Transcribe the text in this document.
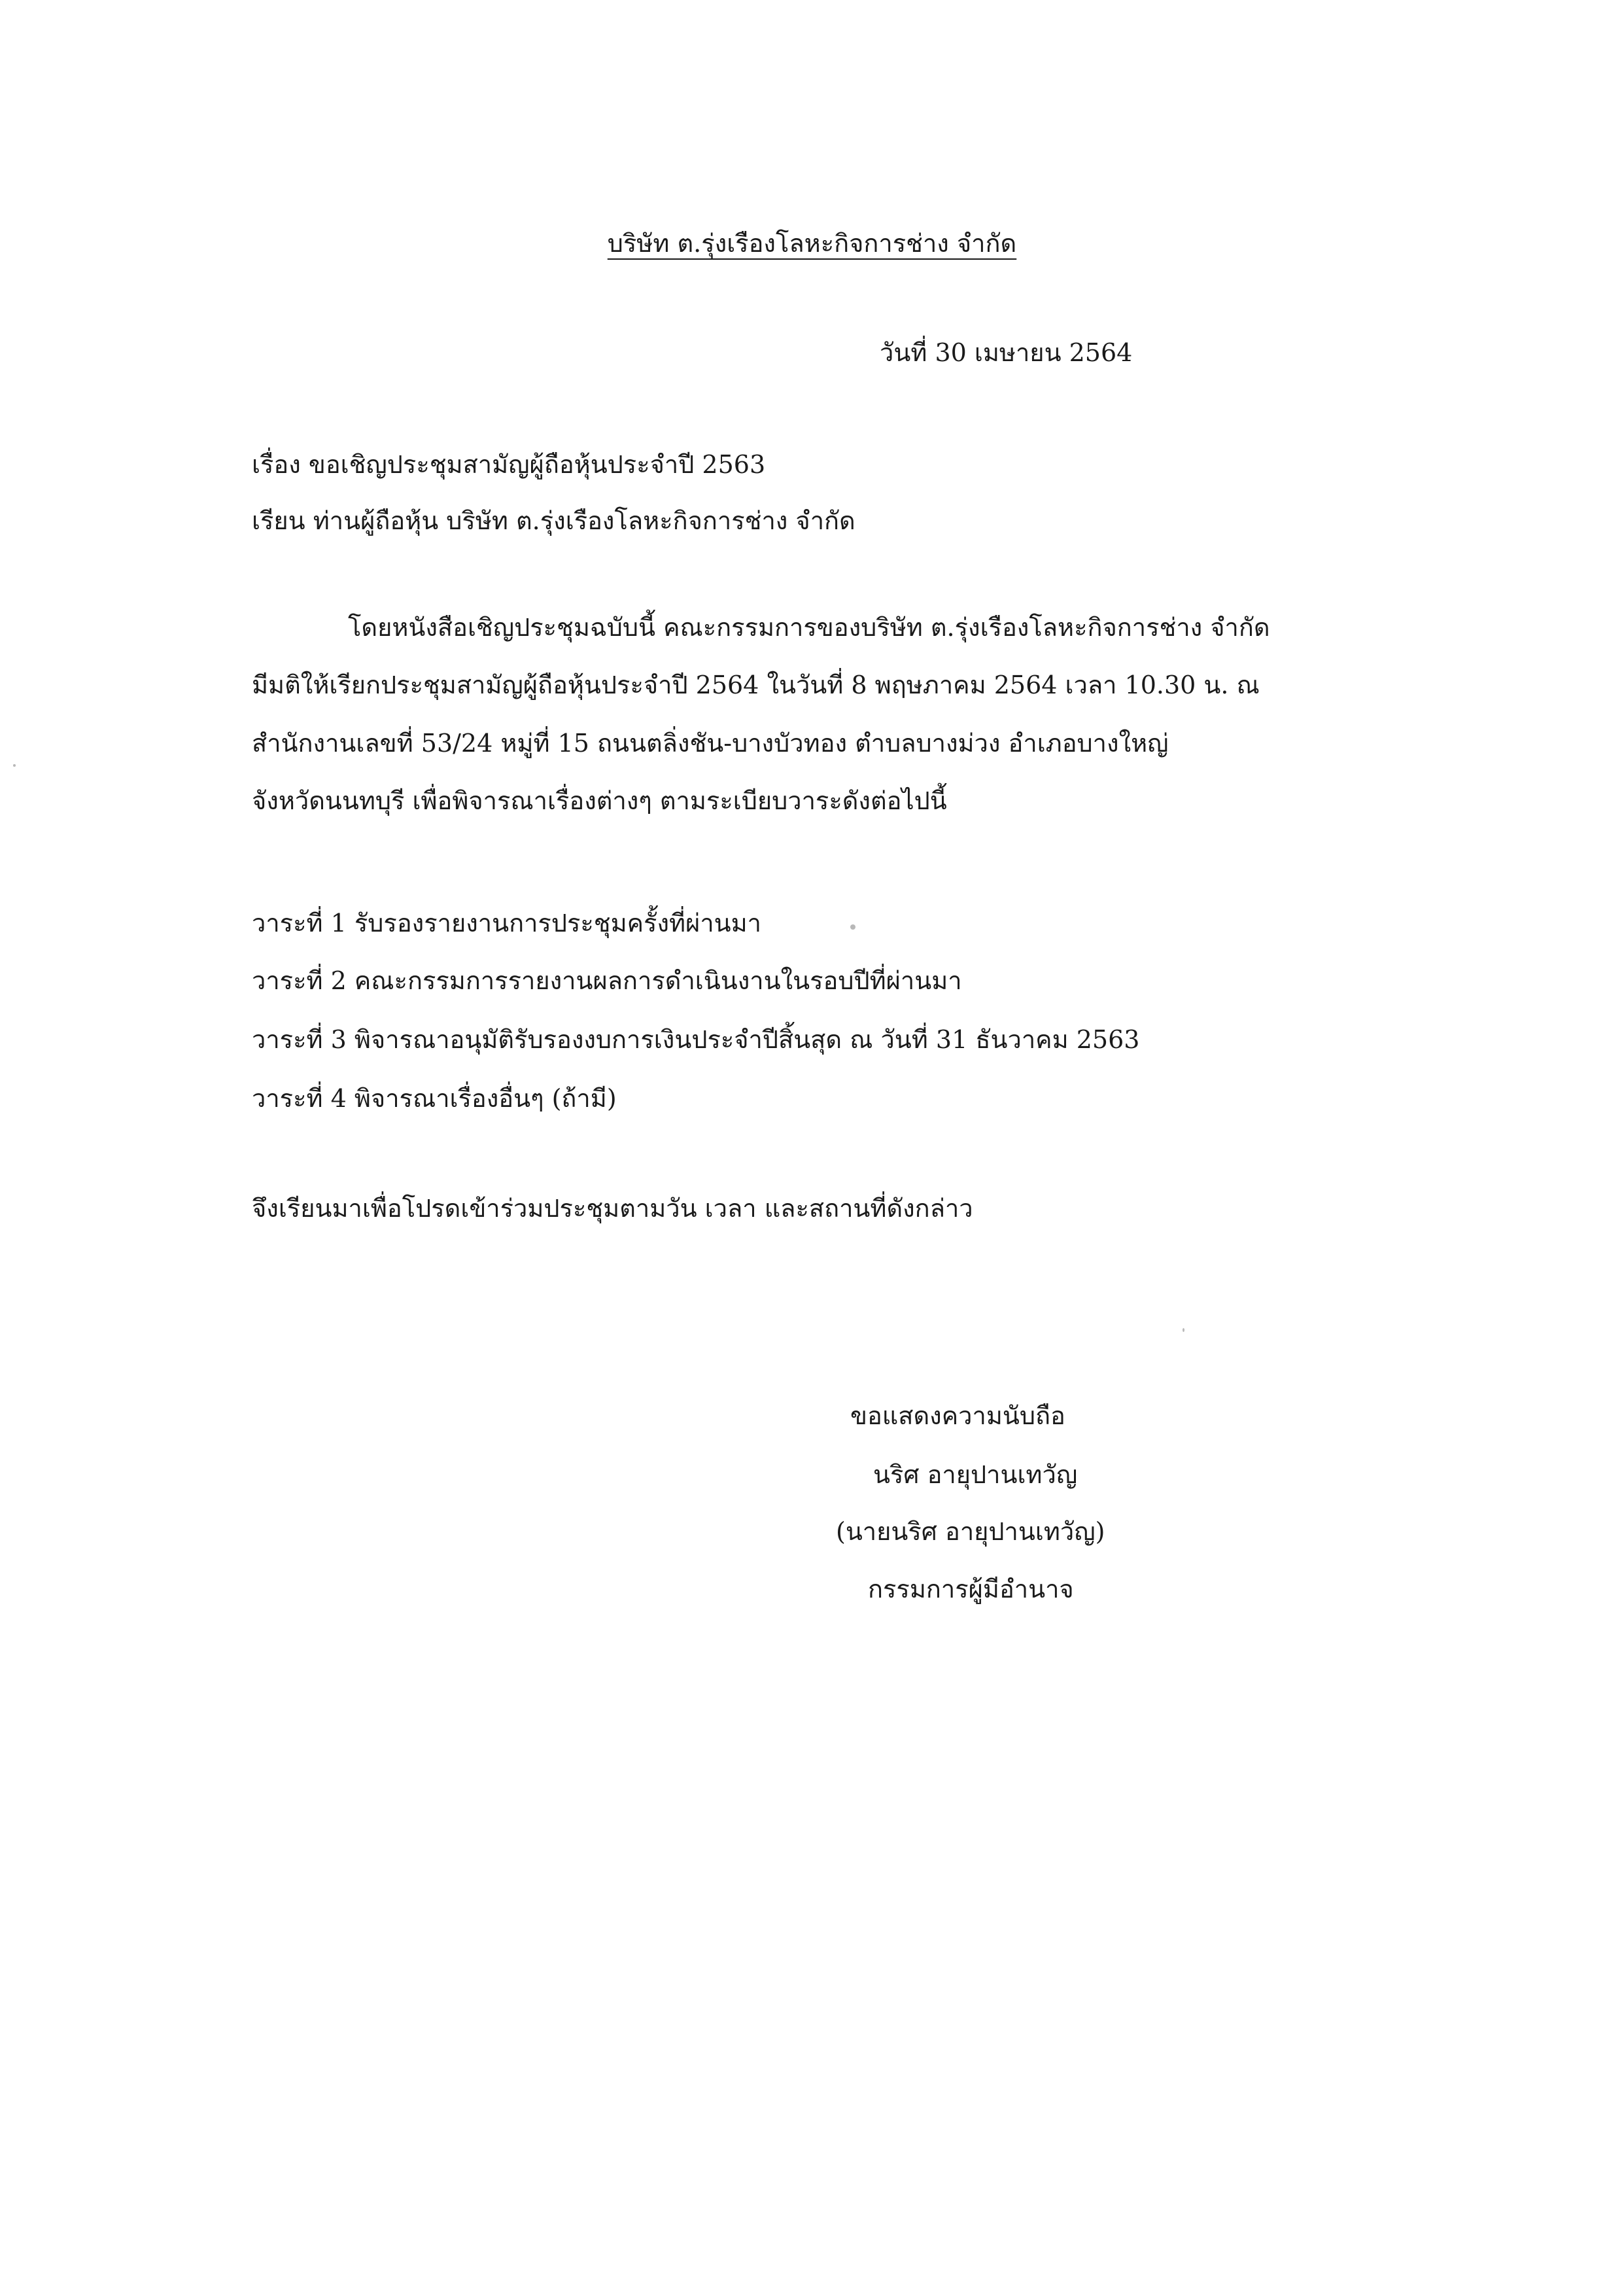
บริษัท ต.รุ่งเรืองโลหะกิจการช่าง จำกัด
วันที่ 30 เมษายน 2564
เรื่อง ขอเชิญประชุมสามัญผู้ถือหุ้นประจำปี 2563
เรียน ท่านผู้ถือหุ้น บริษัท ต.รุ่งเรืองโลหะกิจการช่าง จำกัด
โดยหนังสือเชิญประชุมฉบับนี้ คณะกรรมการของบริษัท ต.รุ่งเรืองโลหะกิจการช่าง จำกัด
มีมติให้เรียกประชุมสามัญผู้ถือหุ้นประจำปี 2564 ในวันที่ 8 พฤษภาคม 2564 เวลา 10.30 น. ณ
สำนักงานเลขที่ 53/24 หมู่ที่ 15 ถนนตลิ่งชัน-บางบัวทอง ตำบลบางม่วง อำเภอบางใหญ่
จังหวัดนนทบุรี เพื่อพิจารณาเรื่องต่างๆ ตามระเบียบวาระดังต่อไปนี้
วาระที่ 1 รับรองรายงานการประชุมครั้งที่ผ่านมา
วาระที่ 2 คณะกรรมการรายงานผลการดำเนินงานในรอบปีที่ผ่านมา
วาระที่ 3 พิจารณาอนุมัติรับรองงบการเงินประจำปีสิ้นสุด ณ วันที่ 31 ธันวาคม 2563
วาระที่ 4 พิจารณาเรื่องอื่นๆ (ถ้ามี)
จึงเรียนมาเพื่อโปรดเข้าร่วมประชุมตามวัน เวลา และสถานที่ดังกล่าว
ขอแสดงความนับถือ
นริศ อายุปานเทวัญ
(นายนริศ อายุปานเทวัญ)
กรรมการผู้มีอำนาจ
